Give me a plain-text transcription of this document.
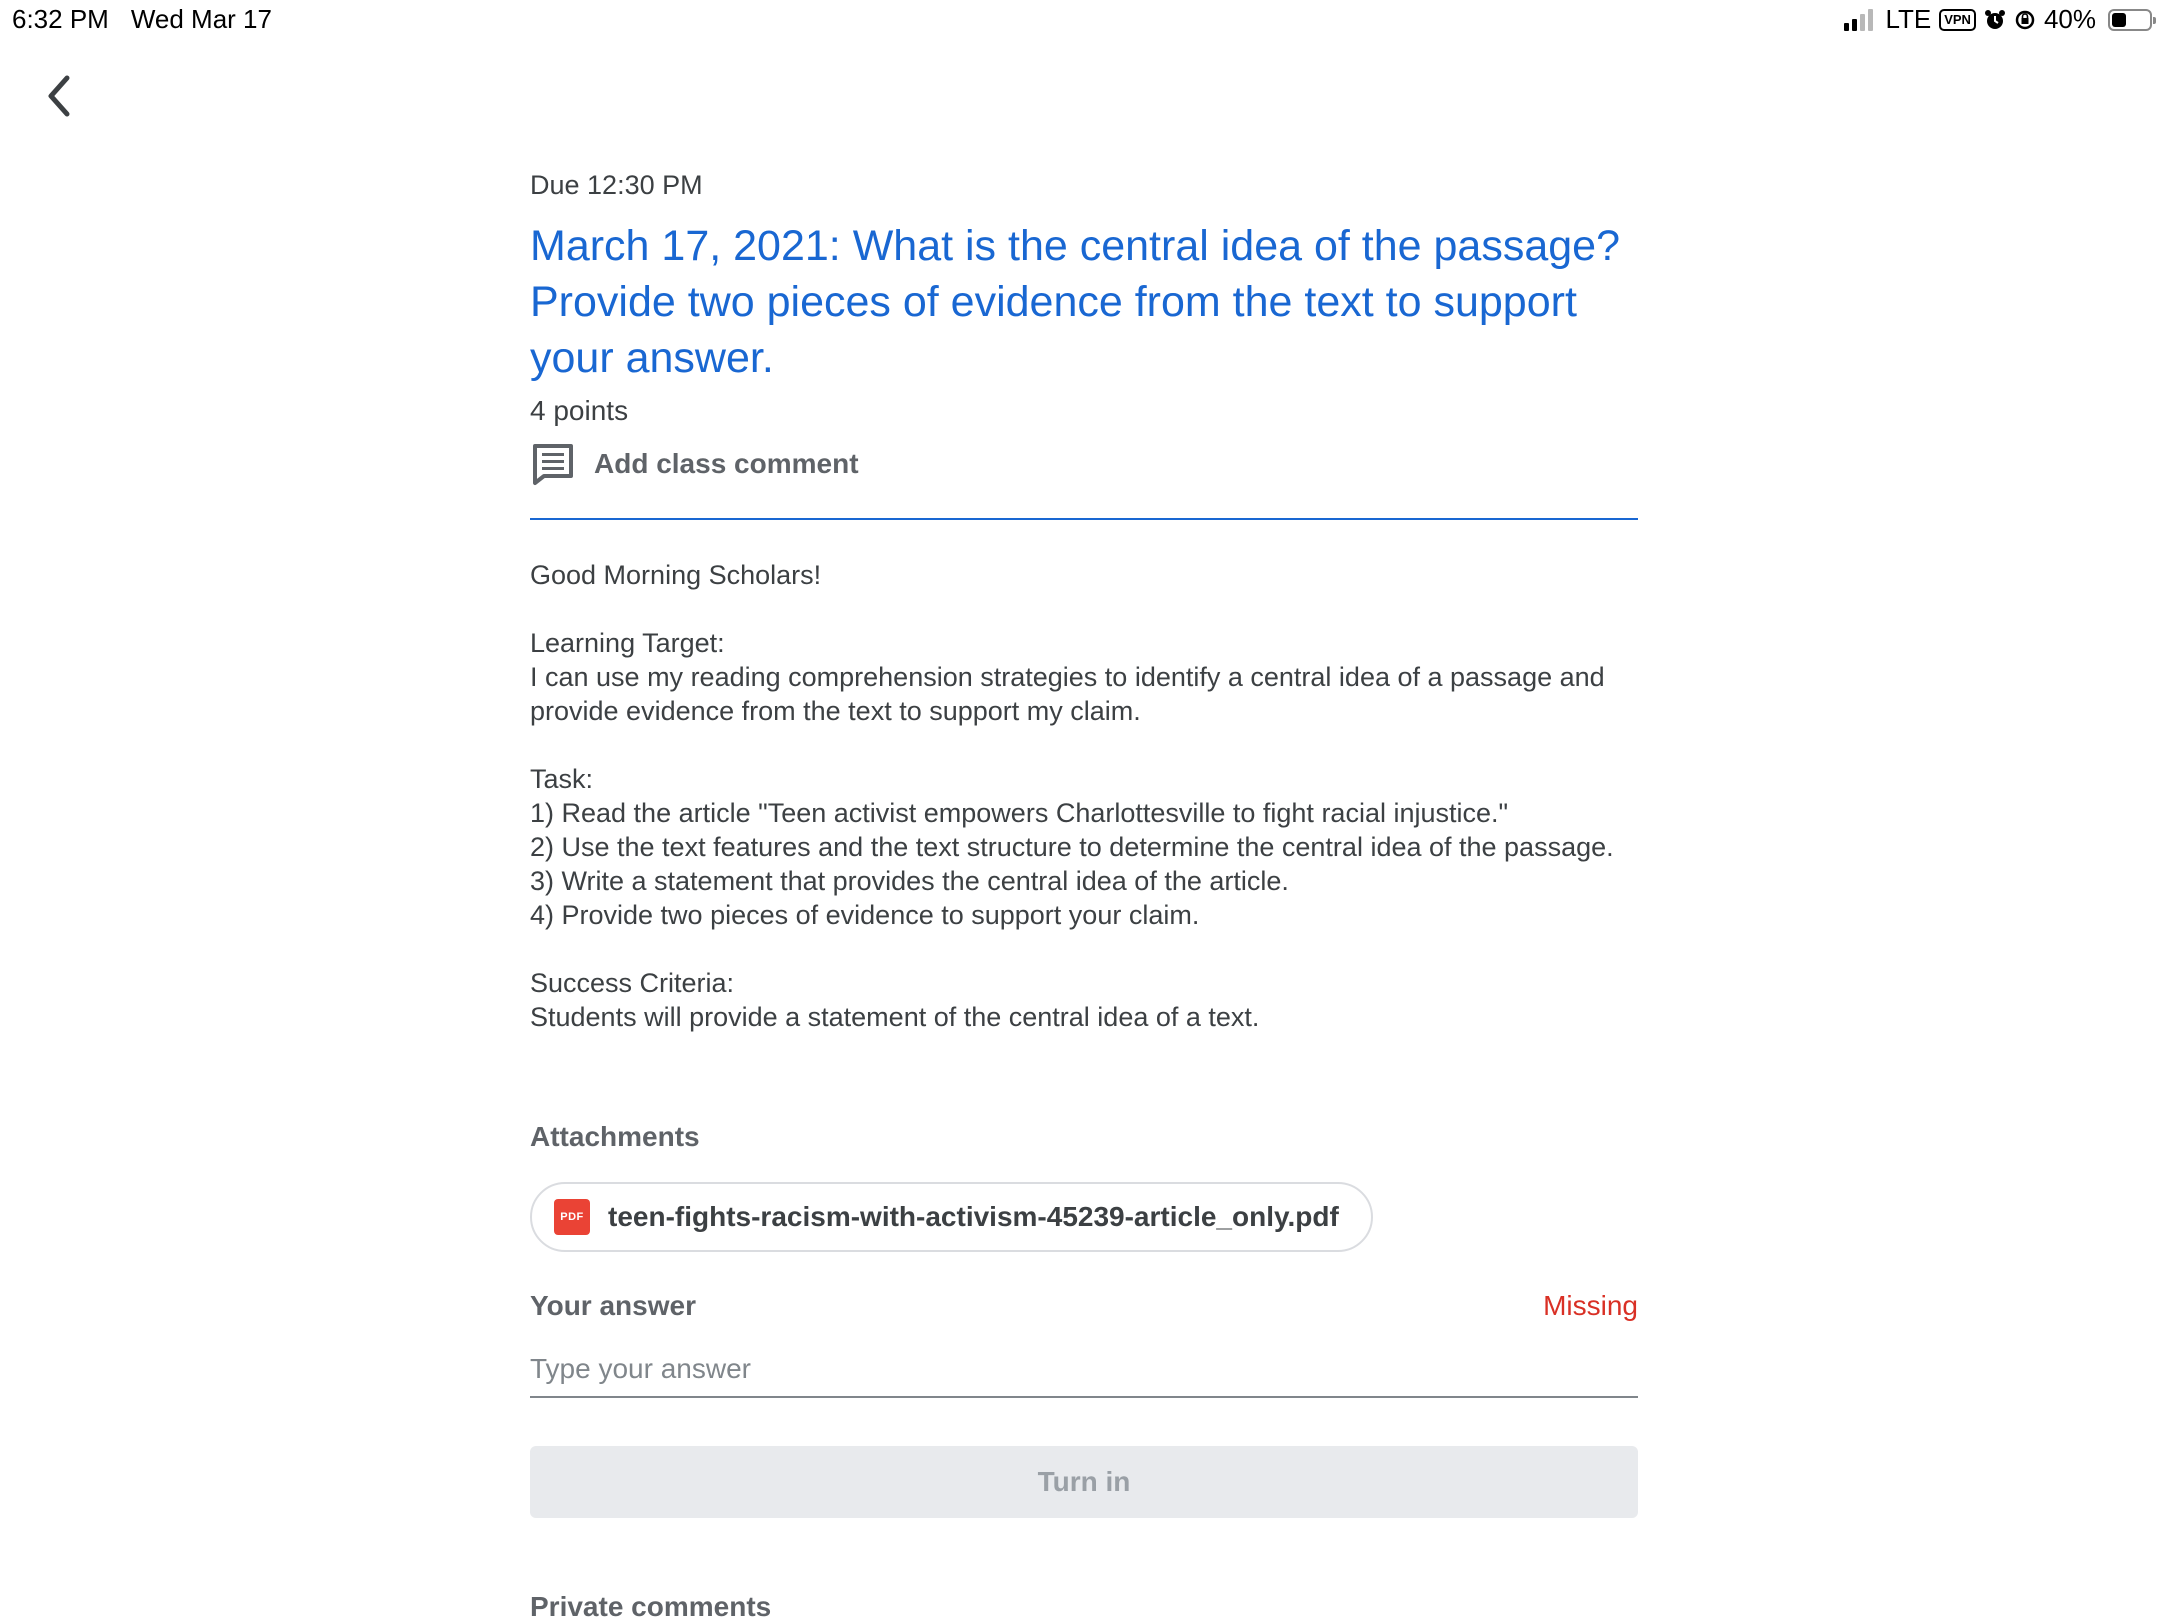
6:32 PM Wed Mar 17	LTE	VPN	40%
Due 12:30 PM
March 17, 2021: What is the central idea of the passage? Provide two pieces of evidence from the text to support your answer.
4 points
Add class comment

Good Morning Scholars!

Learning Target:

I can use my reading comprehension strategies to identify a central idea of a passage and provide evidence from the text to support my claim.

Task:

1) Read the article "Teen activist empowers Charlottesville to fight racial injustice."

2) Use the text features and the text structure to determine the central idea of the passage.

3) Write a statement that provides the central idea of the article.

4) Provide two pieces of evidence to support your claim.

Success Criteria:

Students will provide a statement of the central idea of a text.

Attachments
PDF teen-fights-racism-with-activism-45239-article_only.pdf
Your answer	Missing
Type your answer Turn in
Private comments
